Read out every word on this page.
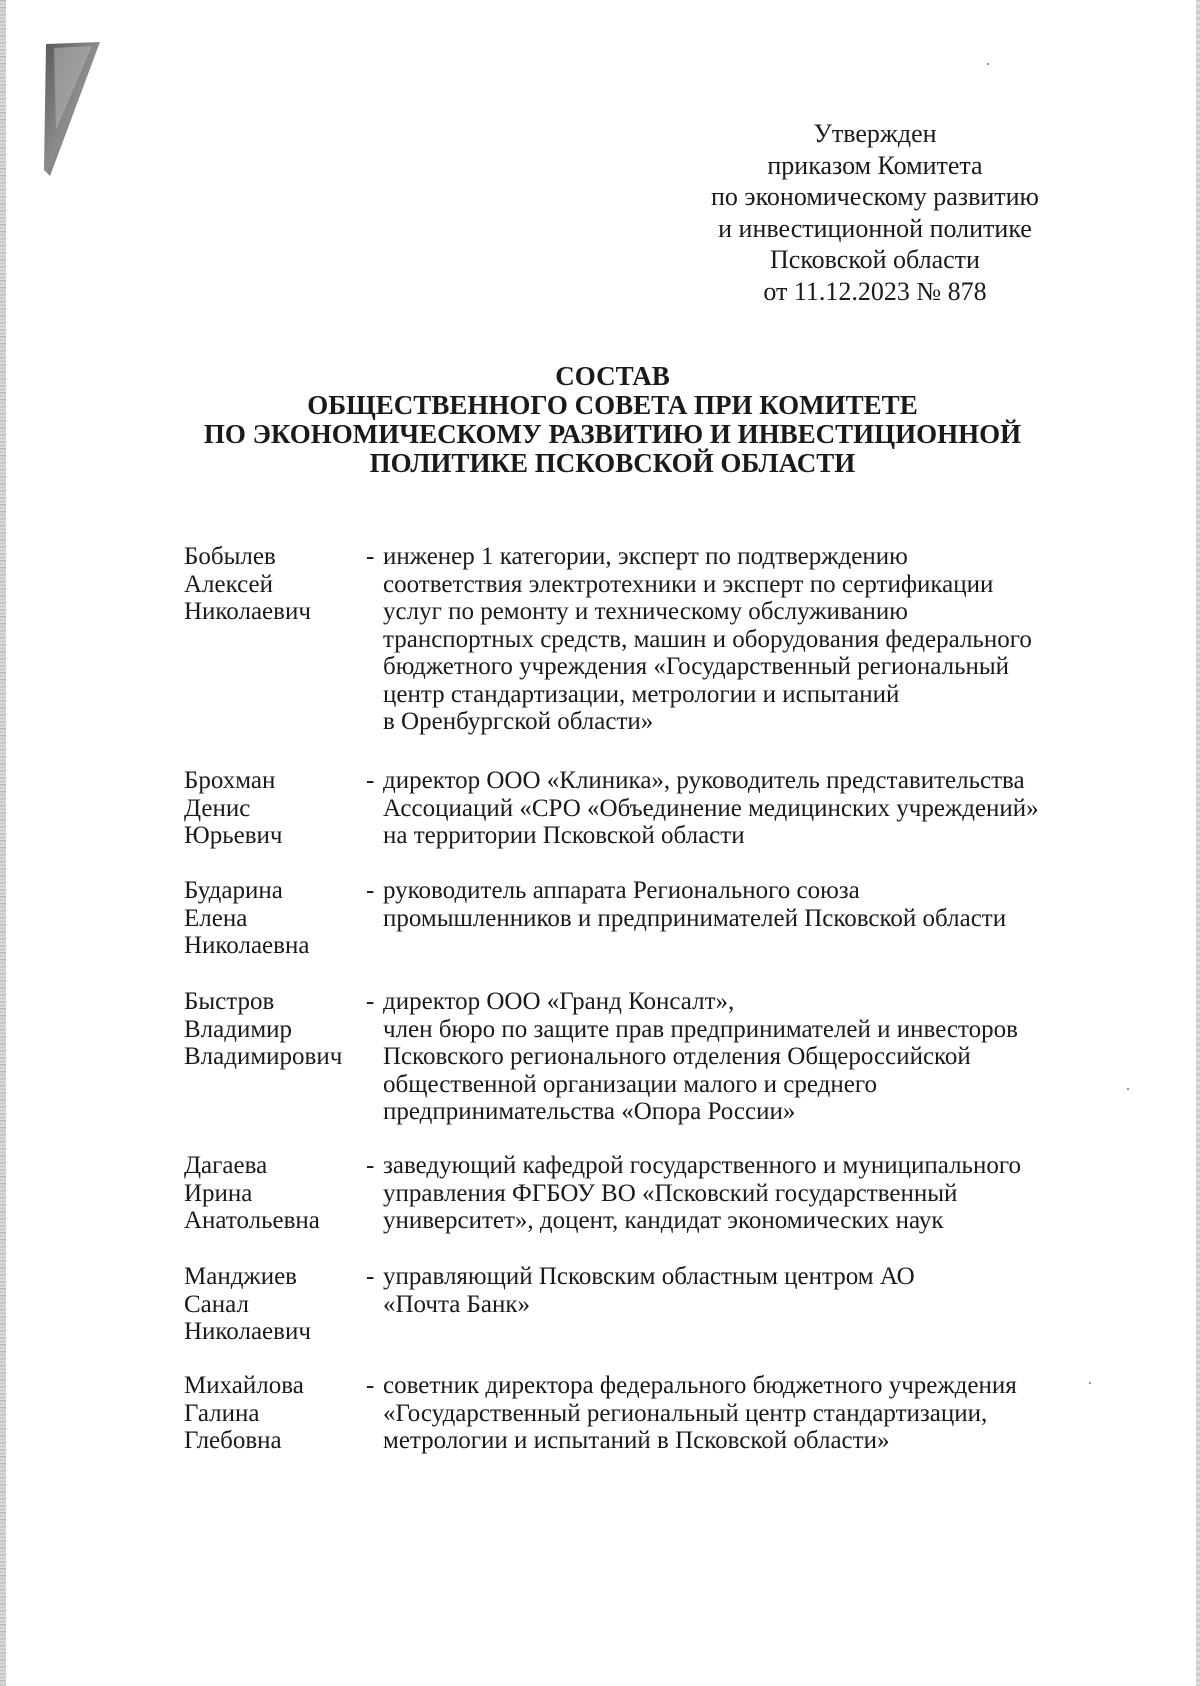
Утвержден
приказом Комитета
по экономическому развитию
и инвестиционной политике
Псковской области
от 11.12.2023 № 878
СОСТАВ
ОБЩЕСТВЕННОГО СОВЕТА ПРИ КОМИТЕТЕ
ПО ЭКОНОМИЧЕСКОМУ РАЗВИТИЮ И ИНВЕСТИЦИОННОЙ
ПОЛИТИКЕ ПСКОВСКОЙ ОБЛАСТИ
Бобылев
Алексей
Николаевич
- инженер 1 категории, эксперт по подтверждению
соответствия электротехники и эксперт по сертификации
услуг по ремонту и техническому обслуживанию
транспортных средств, машин и оборудования федерального
бюджетного учреждения «Государственный региональный
центр стандартизации, метрологии и испытаний
в Оренбургской области»
Брохман
Денис
Юрьевич
- директор ООО «Клиника», руководитель представительства
Ассоциаций «СРО «Объединение медицинских учреждений»
на территории Псковской области
Бударина
Елена
Николаевна
- руководитель аппарата Регионального союза
промышленников и предпринимателей Псковской области
Быстров
Владимир
Владимирович
- директор ООО «Гранд Консалт»,
член бюро по защите прав предпринимателей и инвесторов
Псковского регионального отделения Общероссийской
общественной организации малого и среднего
предпринимательства «Опора России»
Дагаева
Ирина
Анатольевна
- заведующий кафедрой государственного и муниципального
управления ФГБОУ ВО «Псковский государственный
университет», доцент, кандидат экономических наук
Манджиев
Санал
Николаевич
- управляющий Псковским областным центром АО
«Почта Банк»
Михайлова
Галина
Глебовна
- советник директора федерального бюджетного учреждения
«Государственный региональный центр стандартизации,
метрологии и испытаний в Псковской области»
